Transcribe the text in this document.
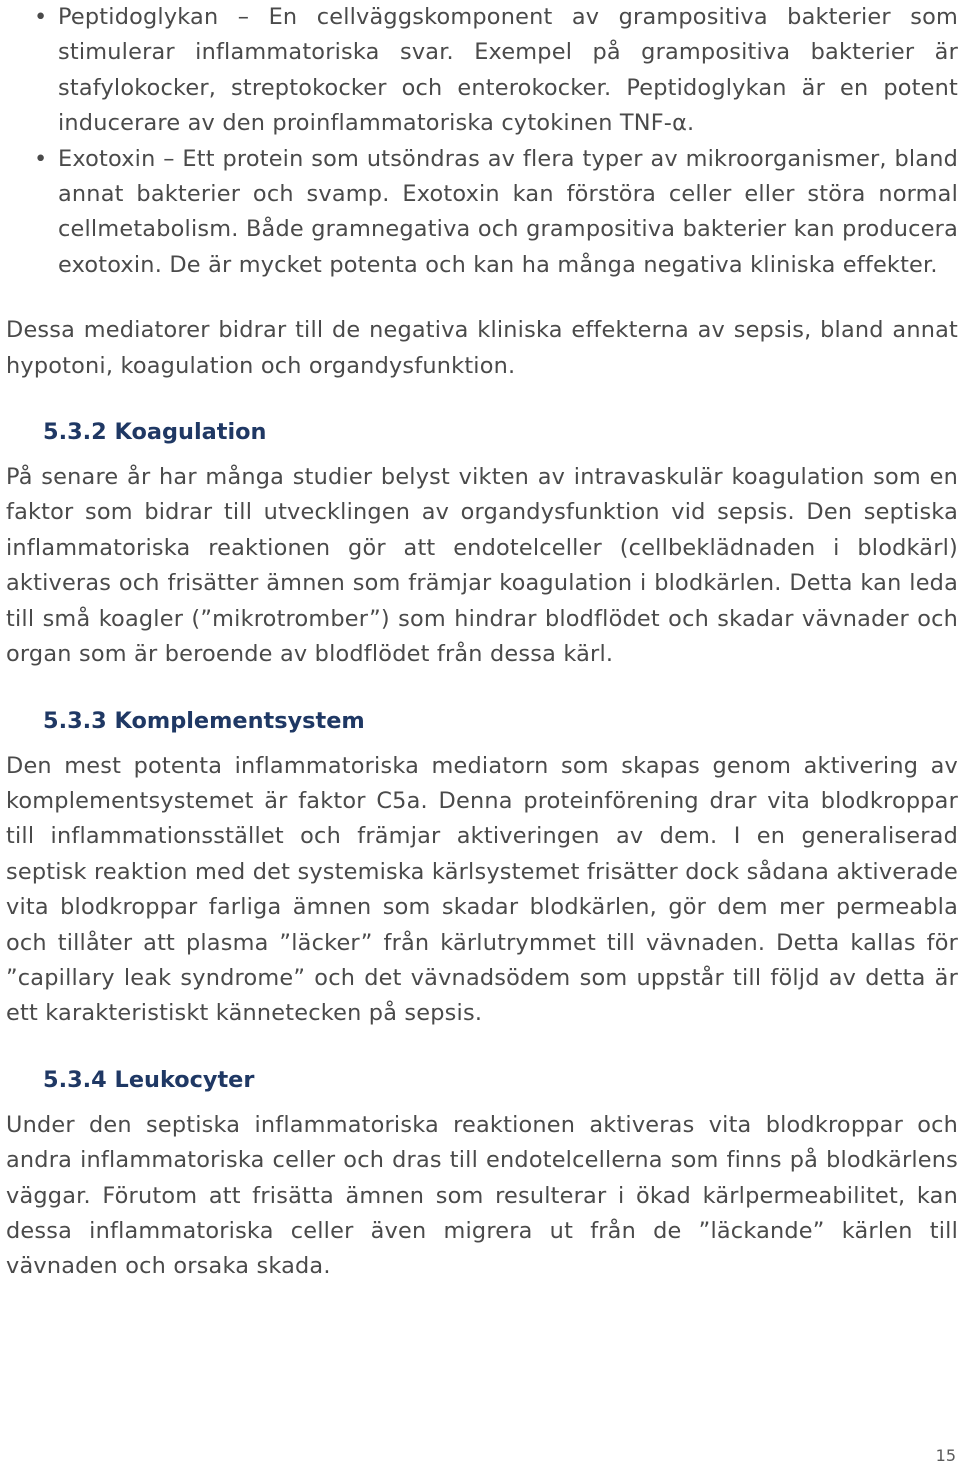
• Peptidoglykan – En cellväggskomponent av grampositiva bakterier som stimulerar inflammatoriska svar. Exempel på grampositiva bakterier är stafylokocker, streptokocker och enterokocker. Peptidoglykan är en potent inducerare av den proinflammatoriska cytokinen TNF-α.
• Exotoxin – Ett protein som utsöndras av flera typer av mikroorganismer, bland annat bakterier och svamp. Exotoxin kan förstöra celler eller störa normal cellmetabolism. Både gramnegativa och grampositiva bakterier kan producera exotoxin. De är mycket potenta och kan ha många negativa kliniska effekter.

Dessa mediatorer bidrar till de negativa kliniska effekterna av sepsis, bland annat hypotoni, koagulation och organdysfunktion.

5.3.2 Koagulation

På senare år har många studier belyst vikten av intravaskulär koagulation som en faktor som bidrar till utvecklingen av organdysfunktion vid sepsis. Den septiska inflammatoriska reaktionen gör att endotelceller (cellbeklädnaden i blodkärl) aktiveras och frisätter ämnen som främjar koagulation i blodkärlen. Detta kan leda till små koagler (”mikrotromber”) som hindrar blodflödet och skadar vävnader och organ som är beroende av blodflödet från dessa kärl.

5.3.3 Komplementsystem

Den mest potenta inflammatoriska mediatorn som skapas genom aktivering av komplementsystemet är faktor C5a. Denna proteinförening drar vita blodkroppar till inflammationsstället och främjar aktiveringen av dem. I en generaliserad septisk reaktion med det systemiska kärlsystemet frisätter dock sådana aktiverade vita blodkroppar farliga ämnen som skadar blodkärlen, gör dem mer permeabla och tillåter att plasma ”läcker” från kärlutrymmet till vävnaden. Detta kallas för ”capillary leak syndrome” och det vävnadsödem som uppstår till följd av detta är ett karakteristiskt kännetecken på sepsis.

5.3.4 Leukocyter

Under den septiska inflammatoriska reaktionen aktiveras vita blodkroppar och andra inflammatoriska celler och dras till endotelcellerna som finns på blodkärlens väggar. Förutom att frisätta ämnen som resulterar i ökad kärlpermeabilitet, kan dessa inflammatoriska celler även migrera ut från de ”läckande” kärlen till vävnaden och orsaka skada.

15
